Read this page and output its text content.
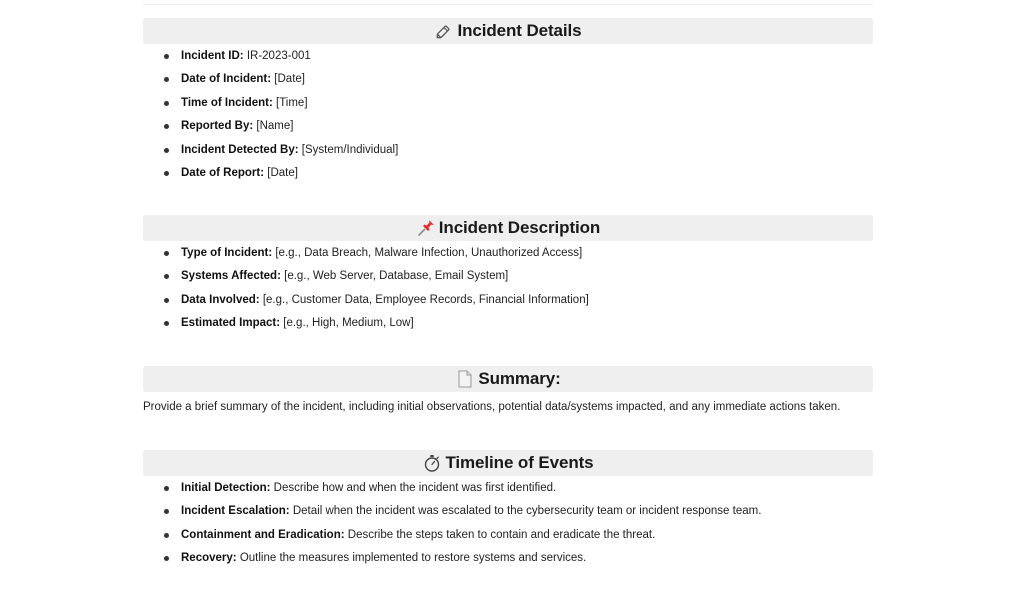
Incident Details
Incident ID: IR-2023-001
Date of Incident: [Date]
Time of Incident: [Time]
Reported By: [Name]
Incident Detected By: [System/Individual]
Date of Report: [Date]
Incident Description
Type of Incident: [e.g., Data Breach, Malware Infection, Unauthorized Access]
Systems Affected: [e.g., Web Server, Database, Email System]
Data Involved: [e.g., Customer Data, Employee Records, Financial Information]
Estimated Impact: [e.g., High, Medium, Low]
Summary:
Provide a brief summary of the incident, including initial observations, potential data/systems impacted, and any immediate actions taken.
Timeline of Events
Initial Detection: Describe how and when the incident was first identified.
Incident Escalation: Detail when the incident was escalated to the cybersecurity team or incident response team.
Containment and Eradication: Describe the steps taken to contain and eradicate the threat.
Recovery: Outline the measures implemented to restore systems and services.
